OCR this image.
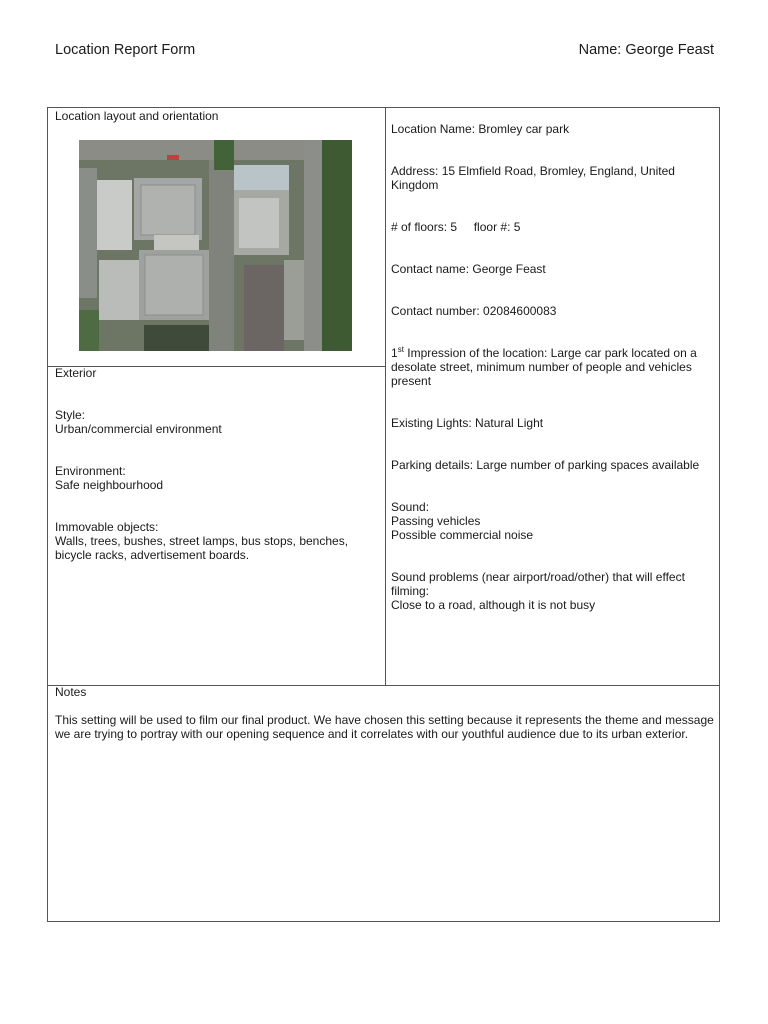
Location Report Form	Name: George Feast
Location layout and orientation

Exterior

Style:

Urban/commercial environment

Environment:

Safe neighbourhood

Immovable objects:

Walls, trees, bushes, street lamps, bus stops, benches, bicycle racks, advertisement boards.

Location Name: Bromley car park

Address: 15 Elmfield Road, Bromley, England, United Kingdom

# of floors: 5 floor #: 5

Contact name: George Feast

Contact number: 02084600083

1st Impression of the location: Large car park located on a desolate street, minimum number of people and vehicles present

Existing Lights: Natural Light

Parking details: Large number of parking spaces available

Sound:

Passing vehicles

Possible commercial noise

Sound problems (near airport/road/other) that will effect filming:

Close to a road, although it is not busy

Notes

This setting will be used to film our final product. We have chosen this setting because it represents the theme and message we are trying to portray with our opening sequence and it correlates with our youthful audience due to its urban exterior.
